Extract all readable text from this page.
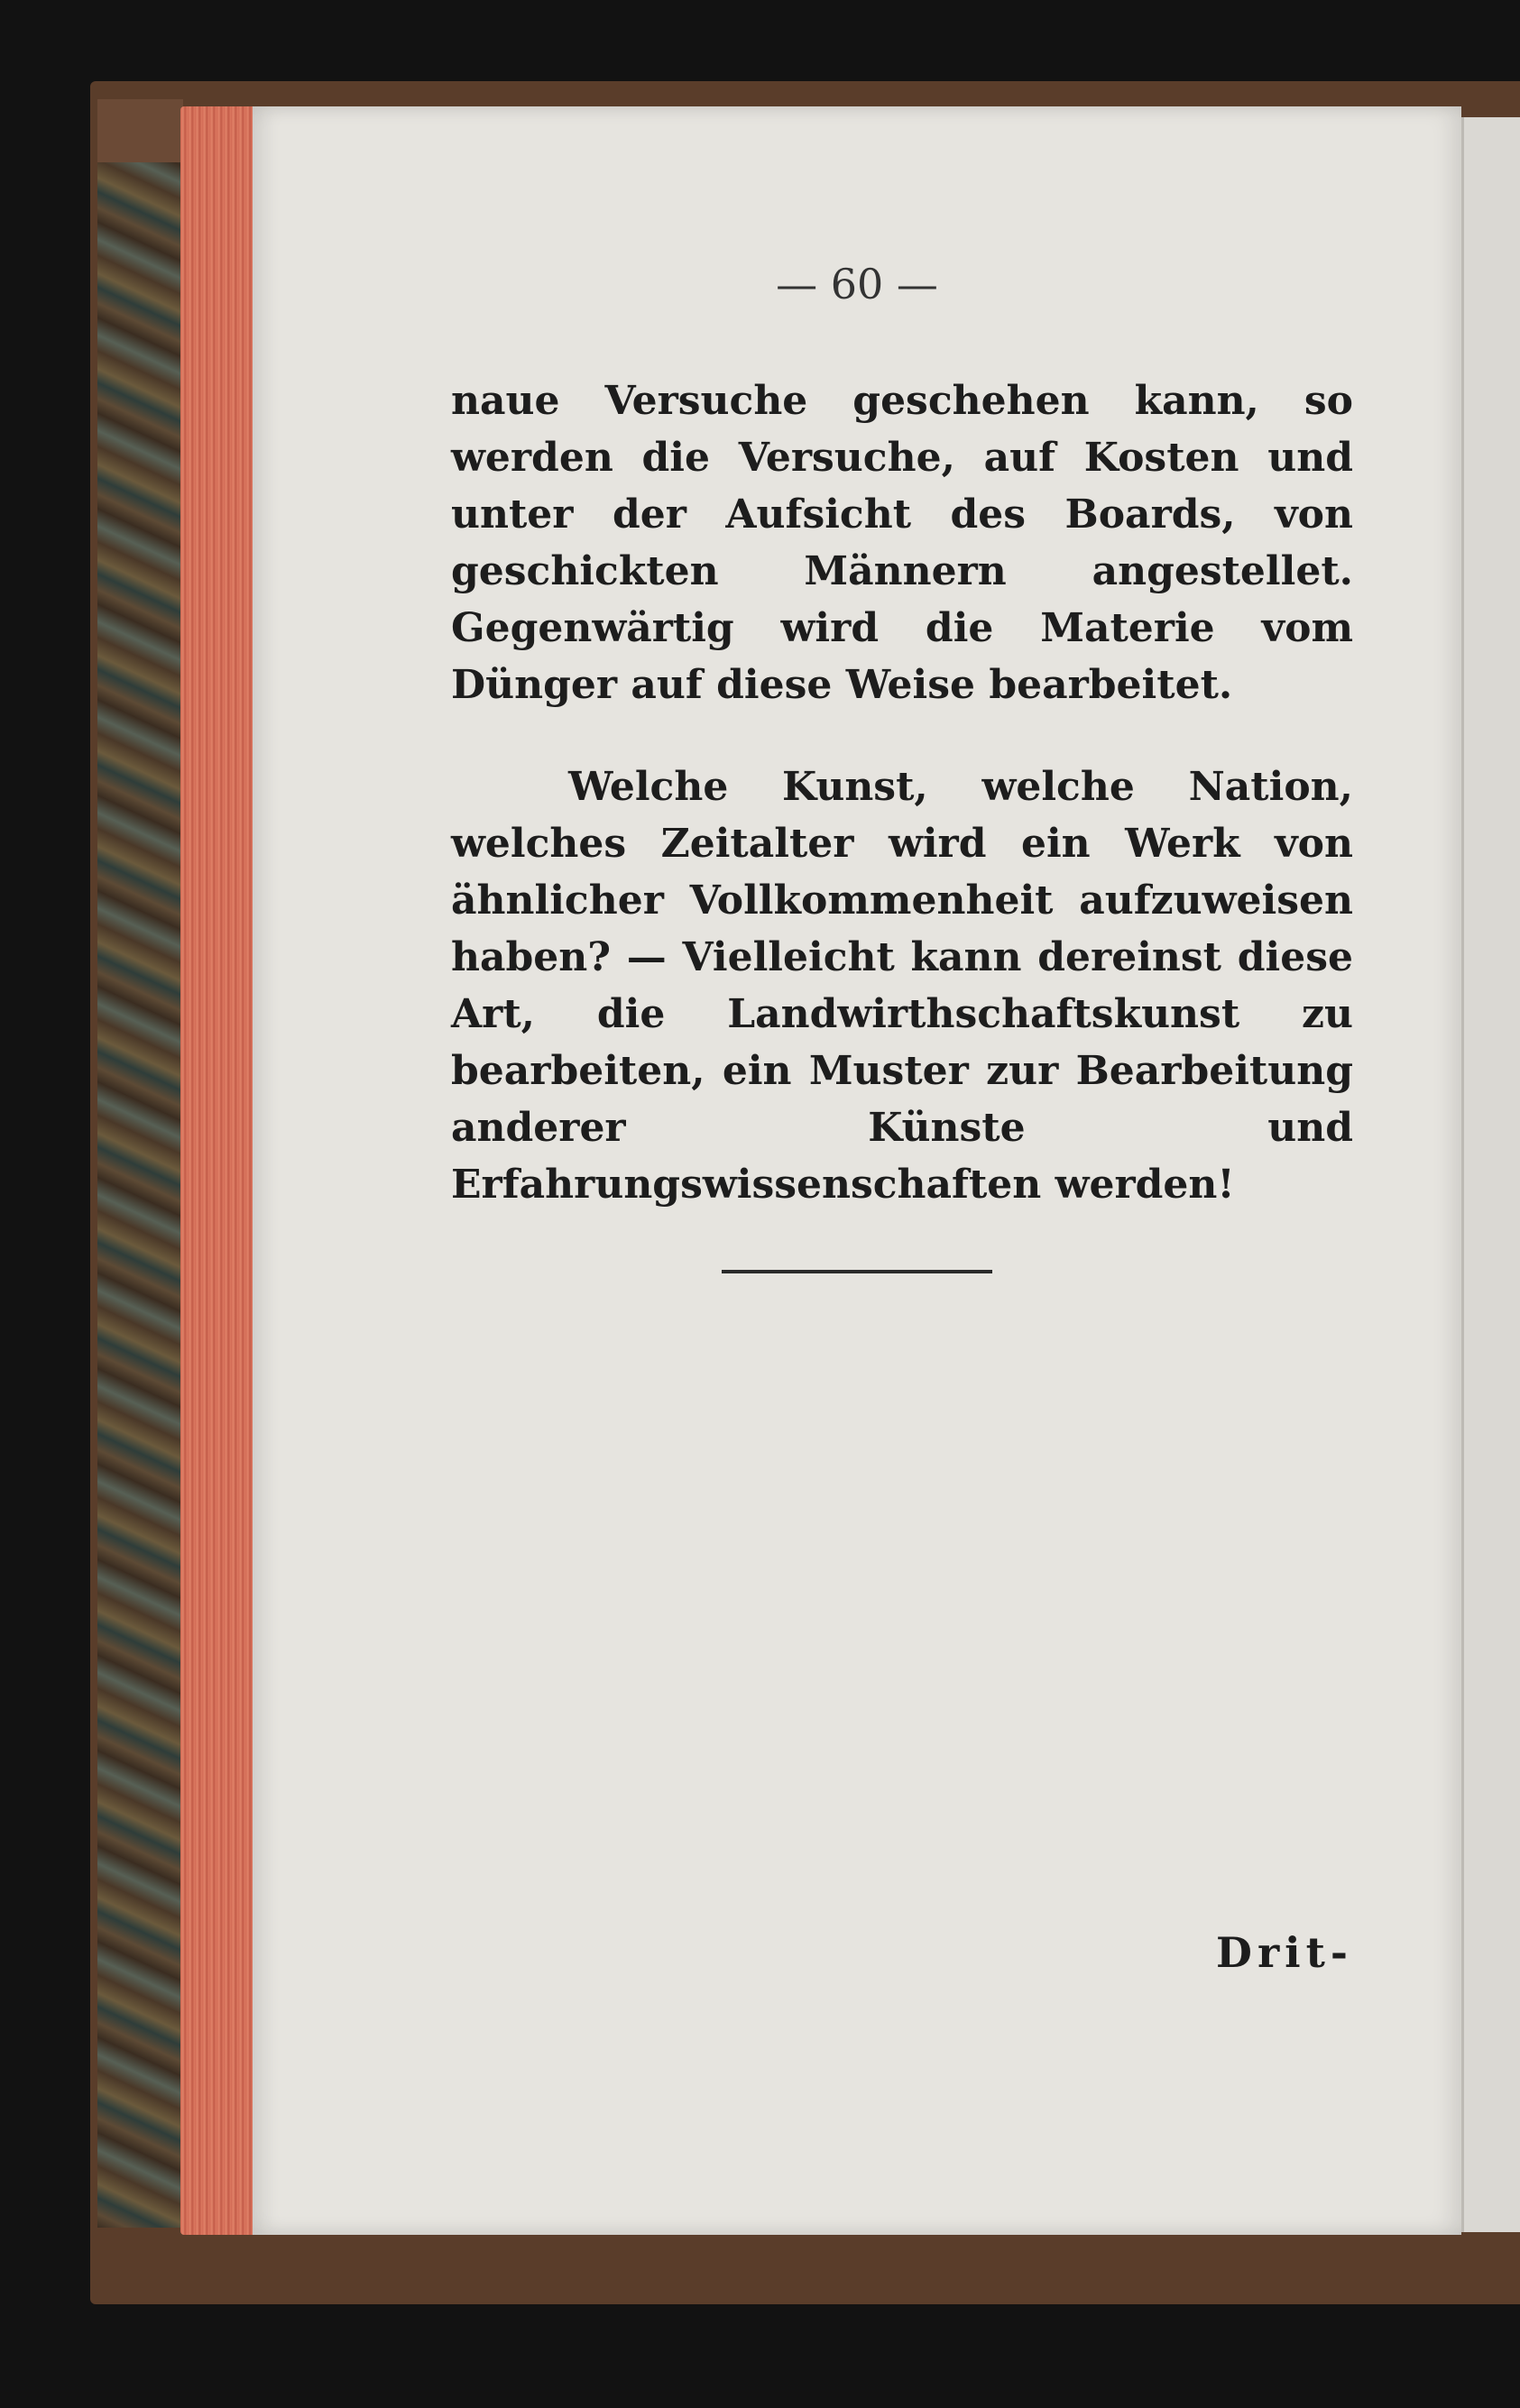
— 60 —

naue Versuche geschehen kann, so werden die Versuche, auf Kosten und unter der Aufsicht des Boards, von geschickten Männern angestellet. Gegenwärtig wird die Materie vom Dünger auf diese Weise bearbeitet.

Welche Kunst, welche Nation, welches Zeitalter wird ein Werk von ähnlicher Vollkommenheit aufzuweisen haben? — Vielleicht kann dereinst diese Art, die Landwirthschaftskunst zu bearbeiten, ein Muster zur Bearbeitung anderer Künste und Erfahrungswissenschaften werden!

Drit-
